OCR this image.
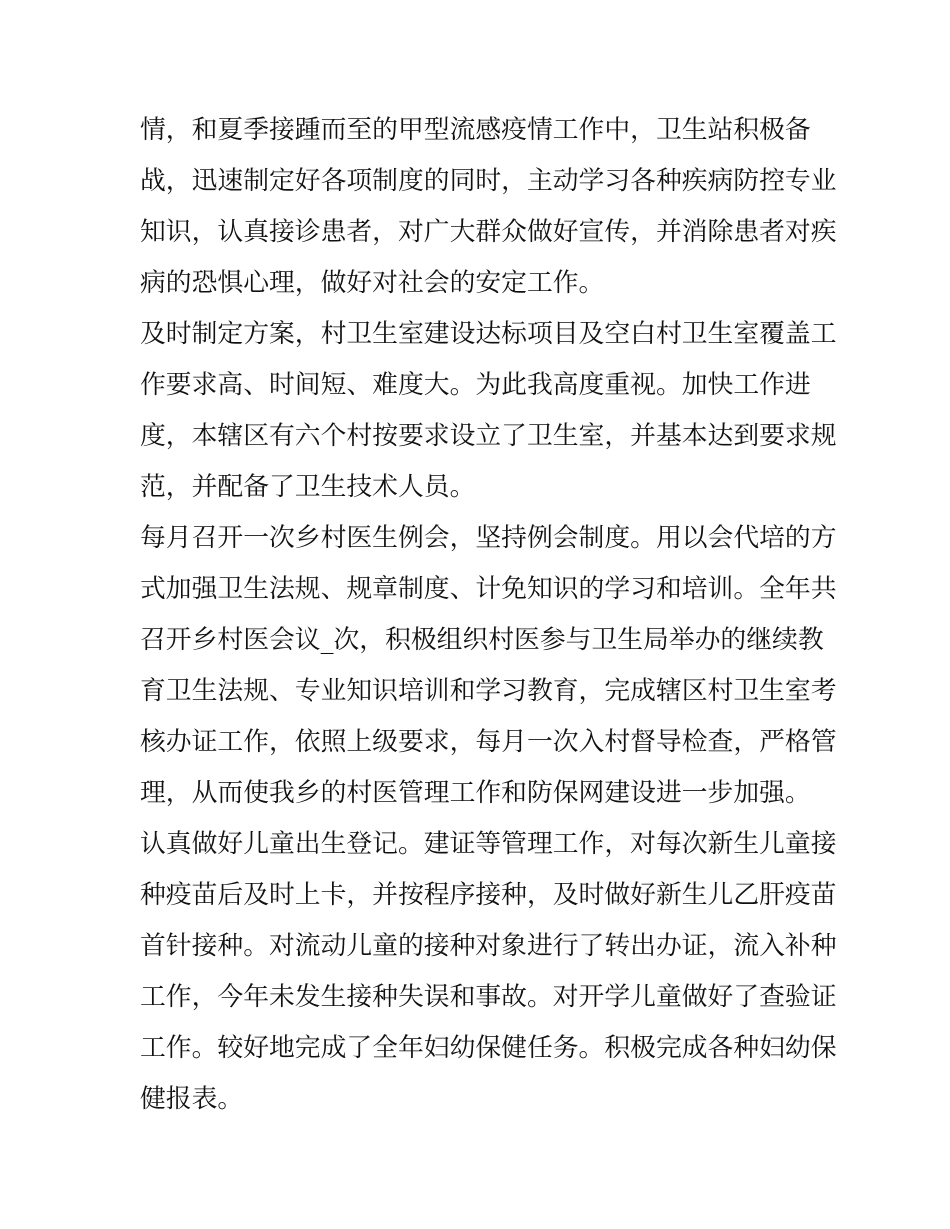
情，和夏季接踵而至的甲型流感疫情工作中，卫生站积极备
战，迅速制定好各项制度的同时，主动学习各种疾病防控专业
知识，认真接诊患者，对广大群众做好宣传，并消除患者对疾
病的恐惧心理，做好对社会的安定工作。
及时制定方案，村卫生室建设达标项目及空白村卫生室覆盖工
作要求高、时间短、难度大。为此我高度重视。加快工作进
度，本辖区有六个村按要求设立了卫生室，并基本达到要求规
范，并配备了卫生技术人员。
每月召开一次乡村医生例会，坚持例会制度。用以会代培的方
式加强卫生法规、规章制度、计免知识的学习和培训。全年共
召开乡村医会议_次，积极组织村医参与卫生局举办的继续教
育卫生法规、专业知识培训和学习教育，完成辖区村卫生室考
核办证工作，依照上级要求，每月一次入村督导检查，严格管
理，从而使我乡的村医管理工作和防保网建设进一步加强。
认真做好儿童出生登记。建证等管理工作，对每次新生儿童接
种疫苗后及时上卡，并按程序接种，及时做好新生儿乙肝疫苗
首针接种。对流动儿童的接种对象进行了转出办证，流入补种
工作，今年未发生接种失误和事故。对开学儿童做好了查验证
工作。较好地完成了全年妇幼保健任务。积极完成各种妇幼保
健报表。
